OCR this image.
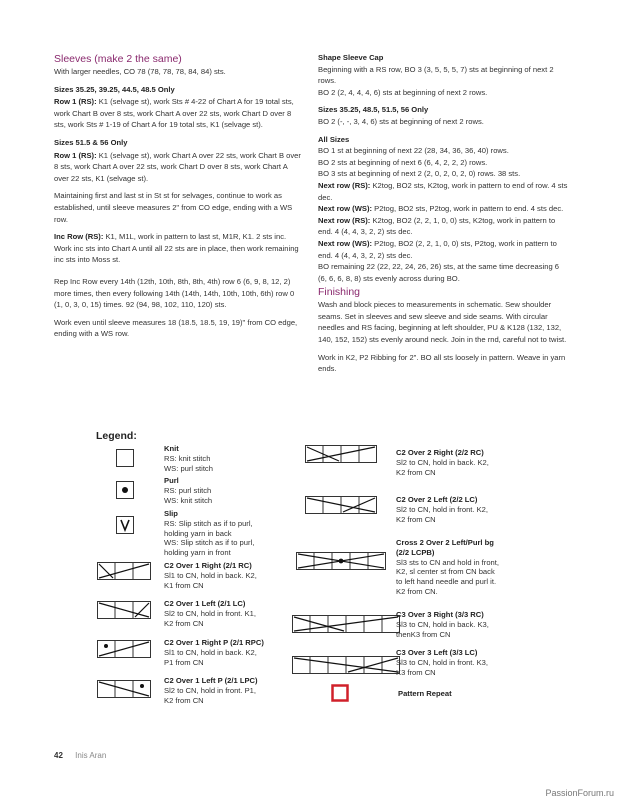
Sleeves (make 2 the same)

With larger needles, CO 78 (78, 78, 78, 84, 84) sts.

Sizes 35.25, 39.25, 44.5, 48.5 Only

Row 1 (RS): K1 (selvage st), work Sts # 4-22 of Chart A for 19 total sts, work Chart B over 8 sts, work Chart A over 22 sts, work Chart D over 8 sts, work Sts # 1-19 of Chart A for 19 total sts, K1 (selvage st).

Sizes 51.5 & 56 Only

Row 1 (RS): K1 (selvage st), work Chart A over 22 sts, work Chart B over 8 sts, work Chart A over 22 sts, work Chart D over 8 sts, work Chart A over 22 sts, K1 (selvage st).

Maintaining first and last st in St st for selvages, continue to work as established, until sleeve measures 2" from CO edge, ending with a WS row.

Inc Row (RS): K1, M1L, work in pattern to last st, M1R, K1. 2 sts inc. Work inc sts into Chart A until all 22 sts are in place, then work remaining inc sts into Moss st.

Rep Inc Row every 14th (12th, 10th, 8th, 8th, 4th) row 6 (6, 9, 8, 12, 2) more times, then every following 14th (14th, 14th, 10th, 10th, 6th) row 0 (1, 0, 3, 0, 15) times. 92 (94, 98, 102, 110, 120) sts.

Work even until sleeve measures 18 (18.5, 18.5, 19, 19)" from CO edge, ending with a WS row.

Shape Sleeve Cap

Beginning with a RS row, BO 3 (3, 5, 5, 5, 7) sts at beginning of next 2 rows.

BO 2 (2, 4, 4, 4, 6) sts at beginning of next 2 rows.

Sizes 35.25, 48.5, 51.5, 56 Only

BO 2 (-, -, 3, 4, 6) sts at beginning of next 2 rows.

All Sizes

BO 1 st at beginning of next 22 (28, 34, 36, 36, 40) rows.

BO 2 sts at beginning of next 6 (6, 4, 2, 2, 2) rows.

BO 3 sts at beginning of next 2 (2, 0, 2, 0, 2, 0) rows. 38 sts.

Next row (RS): K2tog, BO2 sts, K2tog, work in pattern to end of row. 4 sts dec.

Next row (WS): P2tog, BO2 sts, P2tog, work in pattern to end. 4 sts dec.

Next row (RS): K2tog, BO2 (2, 2, 1, 0, 0) sts, K2tog, work in pattern to end. 4 (4, 4, 3, 2, 2) sts dec.

Next row (WS): P2tog, BO2 (2, 2, 1, 0, 0) sts, P2tog, work in pattern to end. 4 (4, 4, 3, 2, 2) sts dec.

BO remaining 22 (22, 22, 24, 26, 26) sts, at the same time decreasing 6 (6, 6, 6, 8, 8) sts evenly across during BO.

Finishing

Wash and block pieces to measurements in schematic. Sew shoulder seams. Set in sleeves and sew sleeve and side seams. With circular needles and RS facing, beginning at left shoulder, PU & K128 (132, 132, 140, 152, 152) sts evenly around neck. Join in the rnd, careful not to twist.

Work in K2, P2 Ribbing for 2". BO all sts loosely in pattern. Weave in yarn ends.

Legend:
Knit
RS: knit stitch
WS: purl stitch
Purl
RS: purl stitch
WS: knit stitch
Slip
RS: Slip stitch as if to purl,
holding yarn in back
WS: Slip stitch as if to purl,
holding yarn in front
C2 Over 1 Right (2/1 RC)
Sl1 to CN, hold in back. K2,
K1 from CN
C2 Over 1 Left (2/1 LC)
Sl2 to CN, hold in front. K1,
K2 from CN
C2 Over 1 Right P (2/1 RPC)
Sl1 to CN, hold in back. K2,
P1 from CN
C2 Over 1 Left P (2/1 LPC)
Sl2 to CN, hold in front. P1,
K2 from CN
C2 Over 2 Right (2/2 RC)
Sl2 to CN, hold in back. K2,
K2 from CN
C2 Over 2 Left (2/2 LC)
Sl2 to CN, hold in front. K2,
K2 from CN
Cross 2 Over 2 Left/Purl bg
(2/2 LCPB)
Sl3 sts to CN and hold in front,
K2, sl center st from CN back
to left hand needle and purl it.
K2 from CN.
C3 Over 3 Right (3/3 RC)
Sl3 to CN, hold in back. K3,
thenK3 from CN
C3 Over 3 Left (3/3 LC)
Sl3 to CN, hold in front. K3,
K3 from CN
Pattern Repeat
42 Inis Aran
PassionForum.ru
